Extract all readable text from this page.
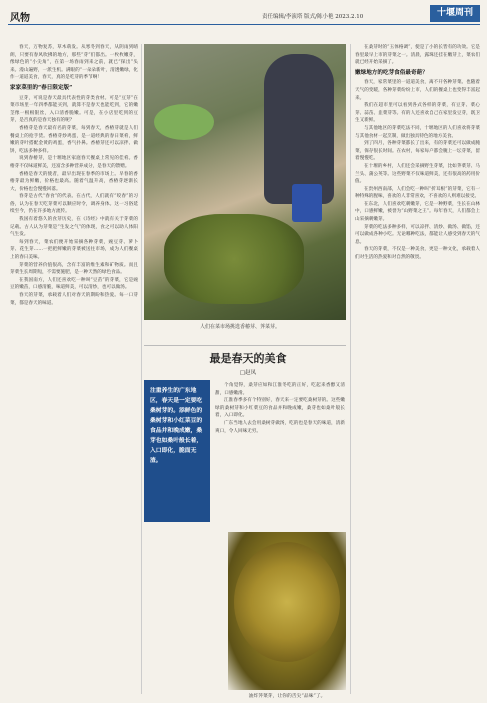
风物	责任编辑/李演塔 版式/陈小艳 2023.2.10	十堰周刊

春天，万物复苏，草木萌发。从寒冬到春天，从阴雨到晴朗，只要有春风吹拂的地方，那些“芽”们都出。一枚枚嫩芽，像绿色的“小尖角”，在第一场春雨到来之前，就已“探出”头来。漫山遍野，一派生机。满眼的“一朵朵新叶，清透嫩绿，化作一道道美食，春天，真的是吃芽的季节啊！

家家菜里的“春日限定版”

豆芽，可说是春天最具代表性的芽类食材。可是“豆芽”在菜市场里一年四季都能买到，就算不是春天也能吃到，它的嫩茎像一根根银丝，入口清香脆嫩。可是，在小店里吃到的豆芽，是否真的是春天独有的呢？

香椿芽是春天最有名的芽菜，每到春天，香椿芽就是人们餐桌上的抢手货。香椿芽炒鸡蛋，是一道经典的春日菜肴，鲜嫩的芽叶搭配金黄的鸡蛋，香气扑鼻。香椿芽还可以凉拌、做饼，吃法多种多样。

说到春椿芽，是十堰地区家庭春天餐桌上常见的佳肴。香椿芽不仅味道鲜美，还富含多种营养成分，是春天的馈赠。

香椿是春天的使者，最早出现在春季的市场上。早春的香椿芽最为鲜嫩，价格也最高。随着气温升高，香椿芽逐渐长大，价格也会慢慢回落。

春芽是古代“春食”的代表。在古代，人们就有“咬春”的习俗，认为在春天吃芽菜可以顺应时令，调养身体。这一习俗延续至今，仍在许多地方流传。

我国有着悠久的食芽历史，在《诗经》中就有关于芽菜的记载。古人认为芽菜是“生发之气”的体现，食之可以助人体阳气生发。

每到春天，菜农们便开始采摘各种芽菜，豌豆芽、萝卜芽、花生芽……一把把鲜嫩的芽菜被送往市场，成为人们餐桌上的春日美味。

芽菜的营养价值很高，含有丰富的维生素和矿物质。而且芽菜生长周期短，不需要施肥，是一种天然的绿色食品。

在我国南方，人们还喜欢吃一种叫“豆苗”的芽菜，它是豌豆的嫩苗，口感清脆，味道鲜美，可以清炒，也可以做汤。

春天的芽菜，承载着人们对春天的期盼和热爱。每一口芽菜，都是春天的味道。

人们在菜市场挑选香椿芽、荠菜芽。
最是春天的美食
□赵凤
注重养生的广东地区，春天是一定要吃桑树芽的。添鲜色的桑树芽和小红菜豆的食品并和晚成嫩，桑芽也如桑叶般长着，入口即化，脆面无渣。

个角觉得，桑芽应如和江淮冬吃的正好，吃起来香醇又清甜，口感嫩滑。

江淮春季多有个特别好，春天来一定要吃桑树芽的。这些嫩绿的桑树芽和小红菜豆的食品并和晚成嫩，桑芽也如桑叶般长着，入口即化。

广东当地人去会用桑树芽做汤，吃的也是春天的味道，清新爽口，令人回味无穷。

油炸荠菜芽，让你的舌尖“品味”了。

在桑芽时的“玉体格调”，使是了小的长皆有的功效。它是春里最早上市的芽菜之一。清晨，露珠还挂在嫩芽上，菜农们就已经开始采摘了。

嫩绿地方的吃芽食俗最奇葩？

春天，家常菜里的一道道美食，离不开各种芽菜。也随着天气的变暖，各种芽菜纷纷上市，人们的餐桌上也变得丰富起来。

我们在超市里可以看到各式各样的芽菜，有豆芽、菜心芽、蒜苗、韭菜芽等。有的人还喜欢自己在家里发豆芽，既卫生又新鲜。

与其他地区的芽菜吃法不同，十堰地区的人们喜欢将芽菜与其他食材一起烹制，做出独具特色的地方美食。

到了四月，各种芽菜都长了出来，有的芽菜还可以做成腌菜，保存很长时间。在农村，每家每户都会腌上一坛芽菜，留着慢慢吃。

在十堰的乡村，人们还会采摘野生芽菜，比如荠菜芽、马兰头、蒲公英等。这些野菜不仅味道鲜美，还有很高的药用价值。

在贵州西南部，人们会吃一种叫“折耳根”的芽菜，它有一种特殊的腥味，喜欢的人非常喜欢，不喜欢的人则难以接受。

在东北，人们喜欢吃刺嫩芽，它是一种野菜，生长在山林中，口感鲜嫩，被誉为“山野菜之王”。每年春天，人们都会上山采摘刺嫩芽。

芽菜的吃法多种多样，可以凉拌、清炒、做汤、做馅，还可以做成各种小吃。无论哪种吃法，都能让人感受到春天的气息。

春天的芽菜，不仅是一种美食，更是一种文化，承载着人们对生活的热爱和对自然的敬畏。
